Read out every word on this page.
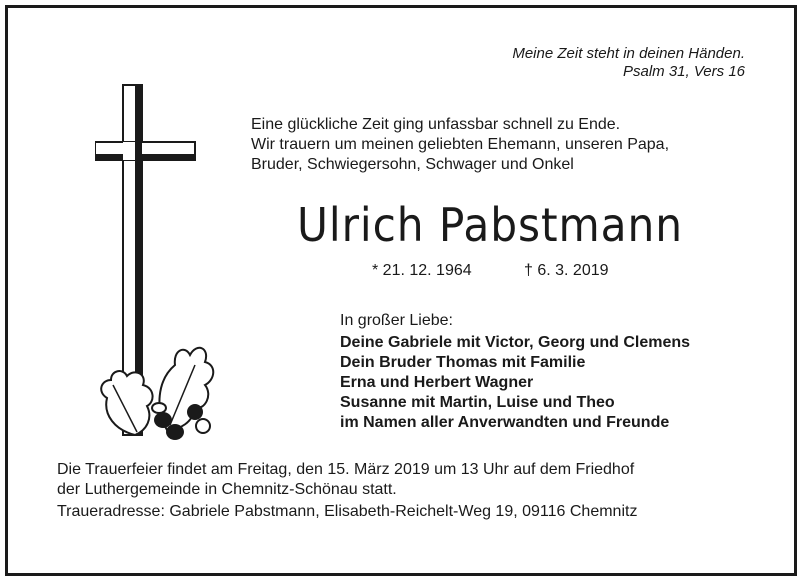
Meine Zeit steht in deinen Händen.
Psalm 31, Vers 16
Eine glückliche Zeit ging unfassbar schnell zu Ende.
Wir trauern um meinen geliebten Ehemann, unseren Papa,
Bruder, Schwiegersohn, Schwager und Onkel
Ulrich Pabstmann
* 21. 12. 1964	† 6. 3. 2019
In großer Liebe:
Deine Gabriele mit Victor, Georg und Clemens
Dein Bruder Thomas mit Familie
Erna und Herbert Wagner
Susanne mit Martin, Luise und Theo
im Namen aller Anverwandten und Freunde
Die Trauerfeier findet am Freitag, den 15. März 2019 um 13 Uhr auf dem Friedhof
der Luthergemeinde in Chemnitz-Schönau statt.
Traueradresse: Gabriele Pabstmann, Elisabeth-Reichelt-Weg 19, 09116 Chemnitz
